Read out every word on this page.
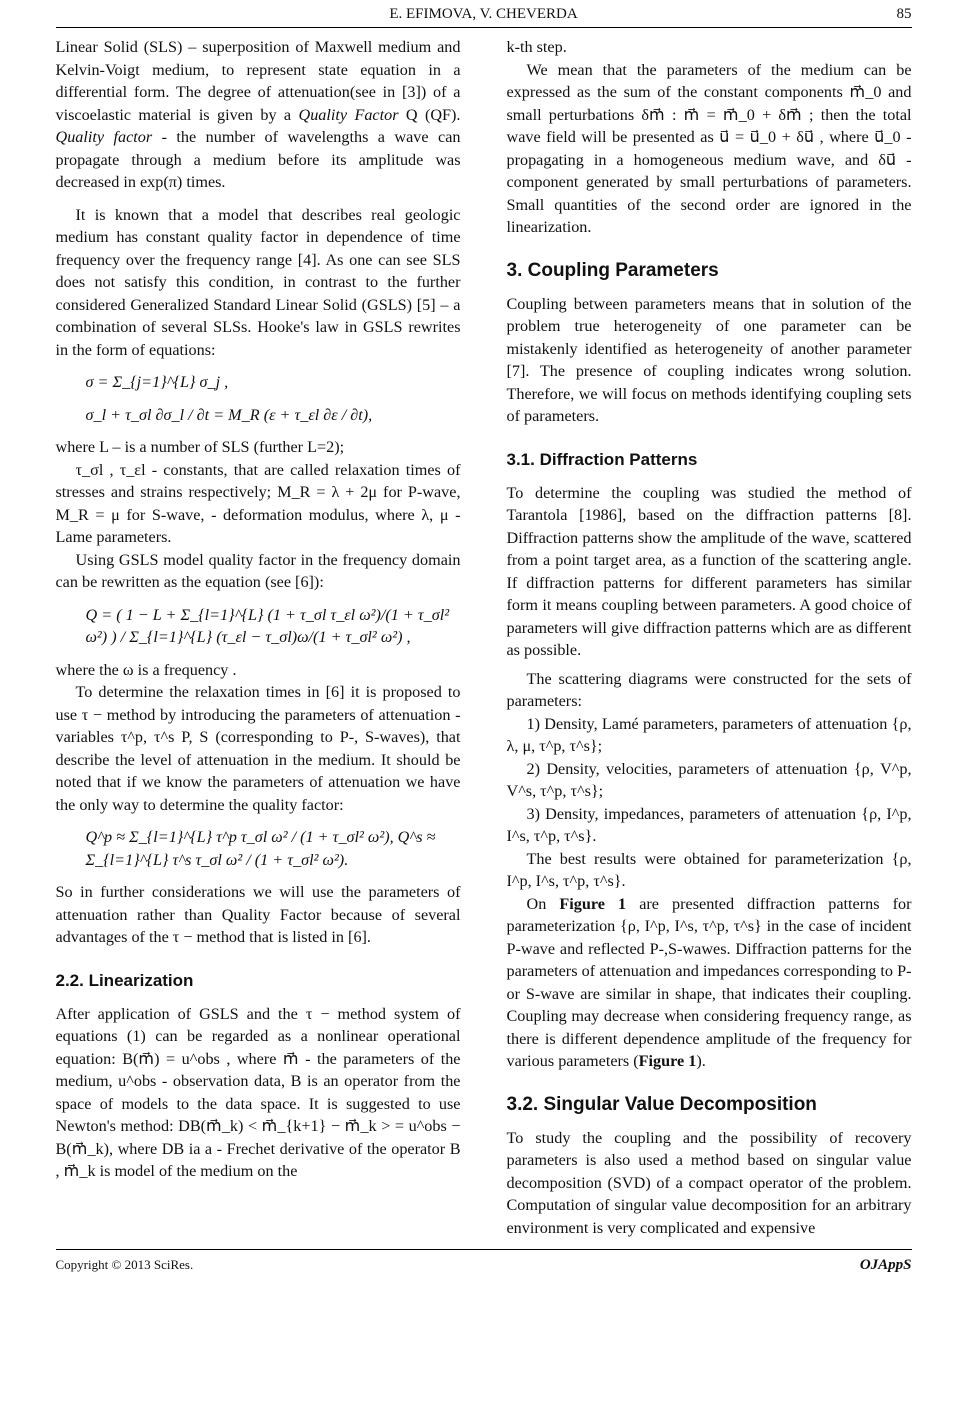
E. EFIMOVA, V. CHEVERDA	85

Linear Solid (SLS) – superposition of Maxwell medium and Kelvin-Voigt medium, to represent state equation in a differential form. The degree of attenuation(see in [3]) of a viscoelastic material is given by a Quality Factor Q (QF). Quality factor - the number of wavelengths a wave can propagate through a medium before its amplitude was decreased in exp(π) times.

It is known that a model that describes real geologic medium has constant quality factor in dependence of time frequency over the frequency range [4]. As one can see SLS does not satisfy this condition, in contrast to the further considered Generalized Standard Linear Solid (GSLS) [5] – a combination of several SLSs. Hooke's law in GSLS rewrites in the form of equations:

σ = Σ_{j=1}^{L} σ_j ,
σ_l + τ_σl ∂σ_l / ∂t = M_R (ε + τ_εl ∂ε / ∂t),

where L – is a number of SLS (further L=2);

τ_σl , τ_εl - constants, that are called relaxation times of stresses and strains respectively; M_R = λ + 2μ for P-wave, M_R = μ for S-wave, - deformation modulus, where λ, μ - Lame parameters.

Using GSLS model quality factor in the frequency domain can be rewritten as the equation (see [6]):

Q = ( 1 − L + Σ_{l=1}^{L} (1 + τ_σl τ_εl ω²)/(1 + τ_σl² ω²) ) / Σ_{l=1}^{L} (τ_εl − τ_σl)ω/(1 + τ_σl² ω²) ,

where the ω is a frequency .

To determine the relaxation times in [6] it is proposed to use τ − method by introducing the parameters of attenuation - variables τ^p, τ^s P, S (corresponding to P-, S-waves), that describe the level of attenuation in the medium. It should be noted that if we know the parameters of attenuation we have the only way to determine the quality factor:

Q^p ≈ Σ_{l=1}^{L} τ^p τ_σl ω² / (1 + τ_σl² ω²), Q^s ≈ Σ_{l=1}^{L} τ^s τ_σl ω² / (1 + τ_σl² ω²).

So in further considerations we will use the parameters of attenuation rather than Quality Factor because of several advantages of the τ − method that is listed in [6].

2.2. Linearization

After application of GSLS and the τ − method system of equations (1) can be regarded as a nonlinear operational equation: B(m⃗) = u^obs , where m⃗ - the parameters of the medium, u^obs - observation data, B is an operator from the space of models to the data space. It is suggested to use Newton's method: DB(m⃗_k) < m⃗_{k+1} − m⃗_k > = u^obs − B(m⃗_k), where DB ia a - Frechet derivative of the operator B , m⃗_k is model of the medium on the

k-th step.

We mean that the parameters of the medium can be expressed as the sum of the constant components m⃗_0 and small perturbations δm⃗ : m⃗ = m⃗_0 + δm⃗ ; then the total wave field will be presented as u⃗ = u⃗_0 + δu⃗ , where u⃗_0 - propagating in a homogeneous medium wave, and δu⃗ - component generated by small perturbations of parameters. Small quantities of the second order are ignored in the linearization.

3. Coupling Parameters

Coupling between parameters means that in solution of the problem true heterogeneity of one parameter can be mistakenly identified as heterogeneity of another parameter [7]. The presence of coupling indicates wrong solution. Therefore, we will focus on methods identifying coupling sets of parameters.

3.1. Diffraction Patterns

To determine the coupling was studied the method of Tarantola [1986], based on the diffraction patterns [8]. Diffraction patterns show the amplitude of the wave, scattered from a point target area, as a function of the scattering angle. If diffraction patterns for different parameters has similar form it means coupling between parameters. A good choice of parameters will give diffraction patterns which are as different as possible.

The scattering diagrams were constructed for the sets of parameters:

1) Density, Lamé parameters, parameters of attenuation {ρ, λ, μ, τ^p, τ^s};

2) Density, velocities, parameters of attenuation {ρ, V^p, V^s, τ^p, τ^s};

3) Density, impedances, parameters of attenuation {ρ, I^p, I^s, τ^p, τ^s}.

The best results were obtained for parameterization {ρ, I^p, I^s, τ^p, τ^s}.

On Figure 1 are presented diffraction patterns for parameterization {ρ, I^p, I^s, τ^p, τ^s} in the case of incident P-wave and reflected P-,S-wawes. Diffraction patterns for the parameters of attenuation and impedances corresponding to P-or S-wave are similar in shape, that indicates their coupling. Coupling may decrease when considering frequency range, as there is different dependence amplitude of the frequency for various parameters (Figure 1).

3.2. Singular Value Decomposition

To study the coupling and the possibility of recovery parameters is also used a method based on singular value decomposition (SVD) of a compact operator of the problem. Computation of singular value decomposition for an arbitrary environment is very complicated and expensive

Copyright © 2013 SciRes.	OJAppS
